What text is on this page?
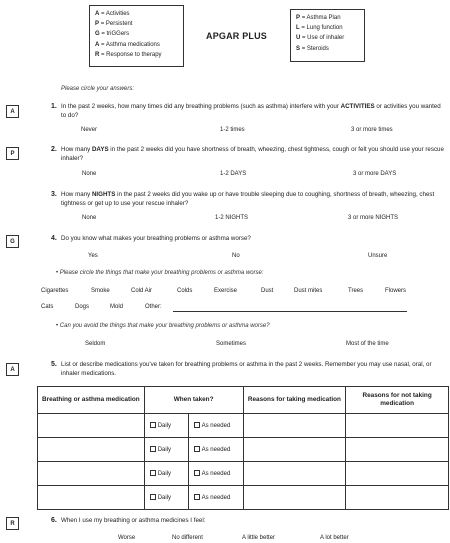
A = Activities
P = Persistent
G = triGGers
A = Asthma medications
R = Response to therapy
APGAR PLUS
P = Asthma Plan
L = Lung function
U = Use of inhaler
S = Steroids
Please circle your answers:
A
1. In the past 2 weeks, how many times did any breathing problems (such as asthma) interfere with your ACTIVITIES or activities you wanted to do?
Never	1-2 times	3 or more times
P
2. How many DAYS in the past 2 weeks did you have shortness of breath, wheezing, chest tightness, cough or felt you should use your rescue inhaler?
None	1-2 DAYS	3 or more DAYS
3. How many NIGHTS in the past 2 weeks did you wake up or have trouble sleeping due to coughing, shortness of breath, wheezing, chest tightness or get up to use your rescue inhaler?
None	1-2 NIGHTS	3 or more NIGHTS
G	4. Do you know what makes your breathing problems or asthma worse?
Yes	No	Unsure
• Please circle the things that make your breathing problems or asthma worse:
Cigarettes	Smoke	Cold Air	Colds	Exercise	Dust	Dust mites	Trees	Flowers
Cats	Dogs	Mold	Other:
• Can you avoid the things that make your breathing problems or asthma worse?
Seldom	Sometimes	Most of the time
A
5. List or describe medications you've taken for breathing problems or asthma in the past 2 weeks. Remember you may use nasal, oral, or inhaler medications.
Breathing or asthma medication	When taken?		Reasons for taking medication	Reasons for not taking medication
	Daily	As needed		
	Daily	As needed		
	Daily	As needed		
	Daily	As needed		
R	6. When I use my breathing or asthma medicines I feel:
Worse	No different	A little better	A lot better
